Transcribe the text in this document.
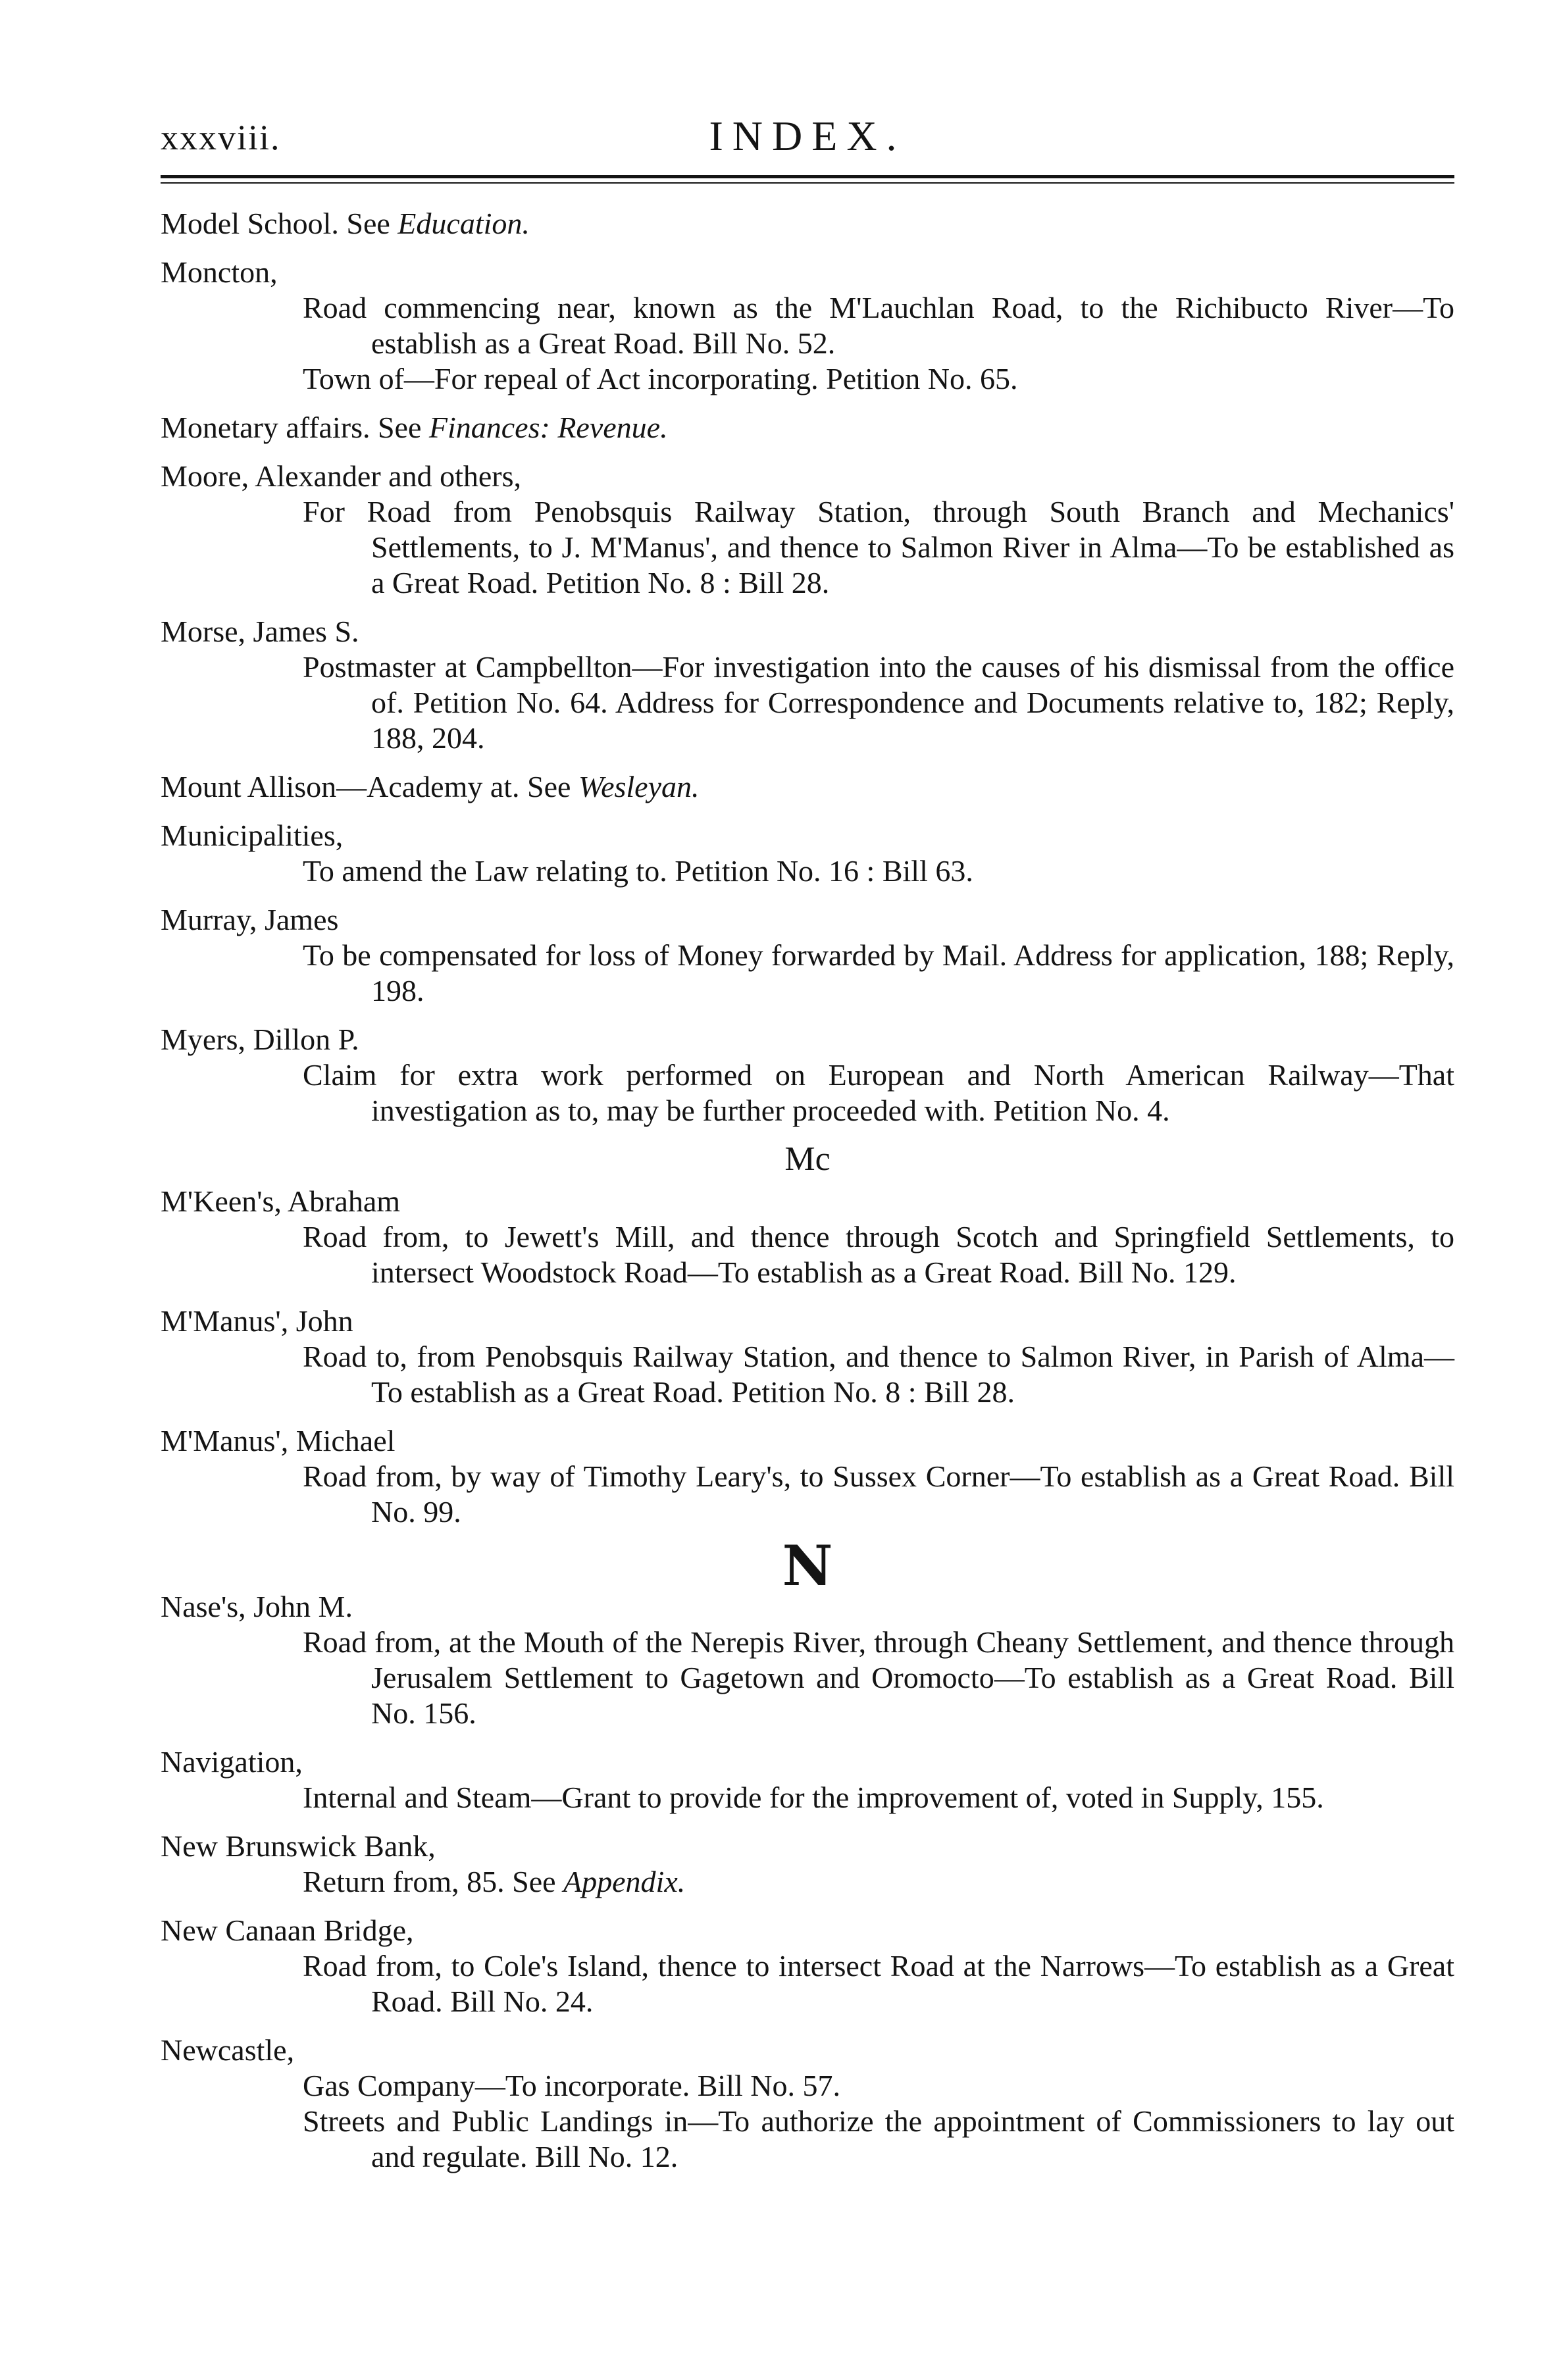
xxxviii.	INDEX.
Model School. See Education.
Moncton,
Road commencing near, known as the M'Lauchlan Road, to the Richibucto River—To establish as a Great Road. Bill No. 52.
Town of—For repeal of Act incorporating. Petition No. 65.
Monetary affairs. See Finances: Revenue.
Moore, Alexander and others,
For Road from Penobsquis Railway Station, through South Branch and Mechanics' Settlements, to J. M'Manus', and thence to Salmon River in Alma—To be established as a Great Road. Petition No. 8 : Bill 28.
Morse, James S.
Postmaster at Campbellton—For investigation into the causes of his dismissal from the office of. Petition No. 64. Address for Correspondence and Documents relative to, 182; Reply, 188, 204.
Mount Allison—Academy at. See Wesleyan.
Municipalities,
To amend the Law relating to. Petition No. 16 : Bill 63.
Murray, James
To be compensated for loss of Money forwarded by Mail. Address for application, 188; Reply, 198.
Myers, Dillon P.
Claim for extra work performed on European and North American Railway—That investigation as to, may be further proceeded with. Petition No. 4.
Mc
M'Keen's, Abraham
Road from, to Jewett's Mill, and thence through Scotch and Springfield Settlements, to intersect Woodstock Road—To establish as a Great Road. Bill No. 129.
M'Manus', John
Road to, from Penobsquis Railway Station, and thence to Salmon River, in Parish of Alma—To establish as a Great Road. Petition No. 8 : Bill 28.
M'Manus', Michael
Road from, by way of Timothy Leary's, to Sussex Corner—To establish as a Great Road. Bill No. 99.
N
Nase's, John M.
Road from, at the Mouth of the Nerepis River, through Cheany Settlement, and thence through Jerusalem Settlement to Gagetown and Oromocto—To establish as a Great Road. Bill No. 156.
Navigation,
Internal and Steam—Grant to provide for the improvement of, voted in Supply, 155.
New Brunswick Bank,
Return from, 85. See Appendix.
New Canaan Bridge,
Road from, to Cole's Island, thence to intersect Road at the Narrows—To establish as a Great Road. Bill No. 24.
Newcastle,
Gas Company—To incorporate. Bill No. 57.
Streets and Public Landings in—To authorize the appointment of Commissioners to lay out and regulate. Bill No. 12.
